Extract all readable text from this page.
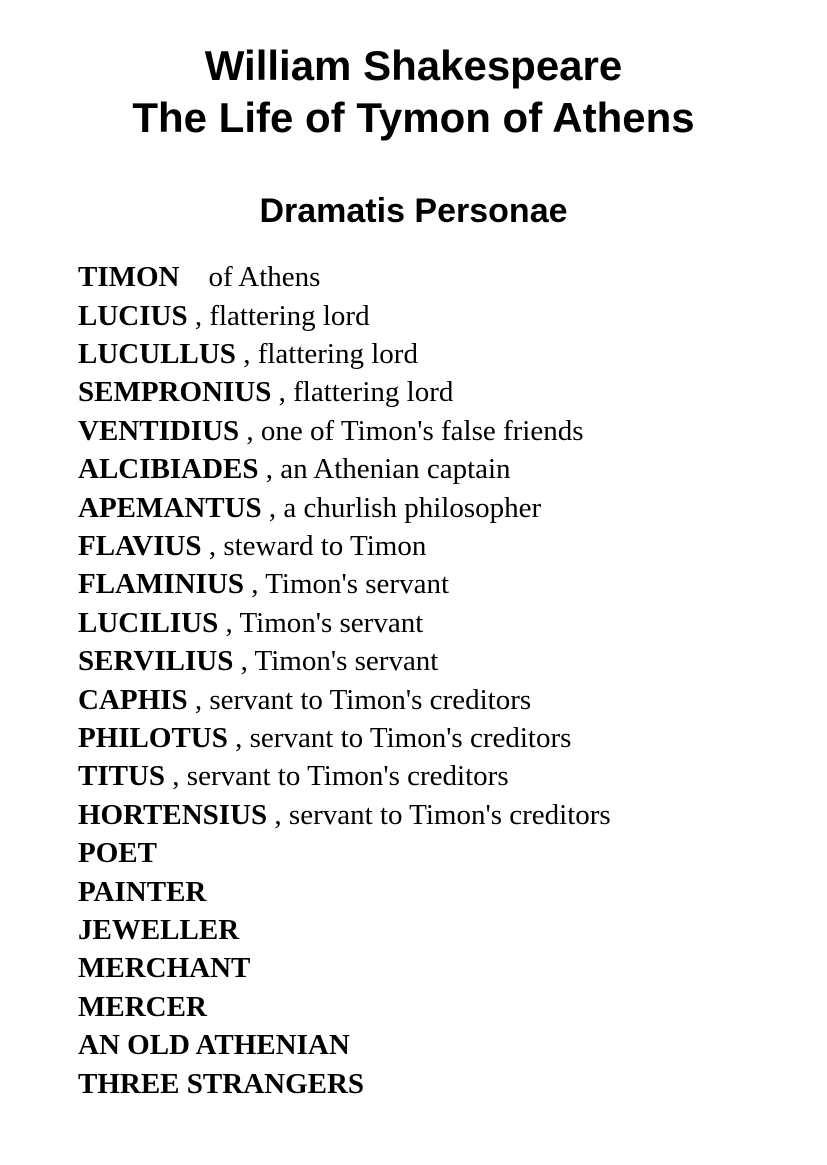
William Shakespeare
The Life of Tymon of Athens
Dramatis Personae
TIMON    of Athens
LUCIUS , flattering lord
LUCULLUS , flattering lord
SEMPRONIUS , flattering lord
VENTIDIUS , one of Timon's false friends
ALCIBIADES , an Athenian captain
APEMANTUS , a churlish philosopher
FLAVIUS , steward to Timon
FLAMINIUS , Timon's servant
LUCILIUS , Timon's servant
SERVILIUS , Timon's servant
CAPHIS , servant to Timon's creditors
PHILOTUS , servant to Timon's creditors
TITUS , servant to Timon's creditors
HORTENSIUS , servant to Timon's creditors
POET
PAINTER
JEWELLER
MERCHANT
MERCER
AN OLD ATHENIAN
THREE STRANGERS
